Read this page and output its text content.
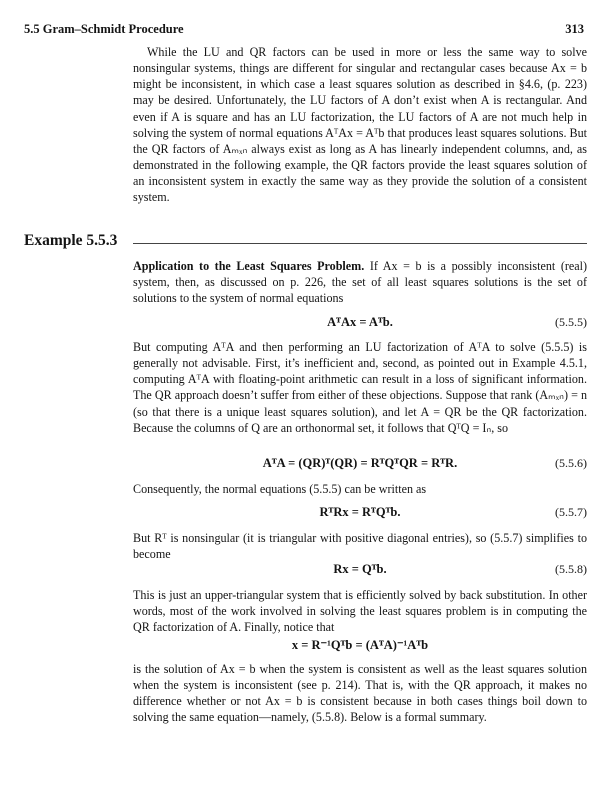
5.5 Gram–Schmidt Procedure	313

While the LU and QR factors can be used in more or less the same way to solve nonsingular systems, things are different for singular and rectangular cases because Ax = b might be inconsistent, in which case a least squares solution as described in §4.6, (p. 223) may be desired. Unfortunately, the LU factors of A don’t exist when A is rectangular. And even if A is square and has an LU factorization, the LU factors of A are not much help in solving the system of normal equations AᵀAx = Aᵀb that produces least squares solutions. But the QR factors of Aₘₓₙ always exist as long as A has linearly independent columns, and, as demonstrated in the following example, the QR factors provide the least squares solution of an inconsistent system in exactly the same way as they provide the solution of a consistent system.

Example 5.5.3

Application to the Least Squares Problem. If Ax = b is a possibly inconsistent (real) system, then, as discussed on p. 226, the set of all least squares solutions is the set of solutions to the system of normal equations

AᵀAx = Aᵀb.	(5.5.5)

But computing AᵀA and then performing an LU factorization of AᵀA to solve (5.5.5) is generally not advisable. First, it’s inefficient and, second, as pointed out in Example 4.5.1, computing AᵀA with floating-point arithmetic can result in a loss of significant information. The QR approach doesn’t suffer from either of these objections. Suppose that rank (Aₘₓₙ) = n (so that there is a unique least squares solution), and let A = QR be the QR factorization. Because the columns of Q are an orthonormal set, it follows that QᵀQ = Iₙ, so

AᵀA = (QR)ᵀ(QR) = RᵀQᵀQR = RᵀR.	(5.5.6)

Consequently, the normal equations (5.5.5) can be written as

RᵀRx = RᵀQᵀb.	(5.5.7)

But Rᵀ is nonsingular (it is triangular with positive diagonal entries), so (5.5.7) simplifies to become

Rx = Qᵀb.	(5.5.8)

This is just an upper-triangular system that is efficiently solved by back substitution. In other words, most of the work involved in solving the least squares problem is in computing the QR factorization of A. Finally, notice that

x = R⁻¹Qᵀb = (AᵀA)⁻¹Aᵀb

is the solution of Ax = b when the system is consistent as well as the least squares solution when the system is inconsistent (see p. 214). That is, with the QR approach, it makes no difference whether or not Ax = b is consistent because in both cases things boil down to solving the same equation—namely, (5.5.8). Below is a formal summary.
